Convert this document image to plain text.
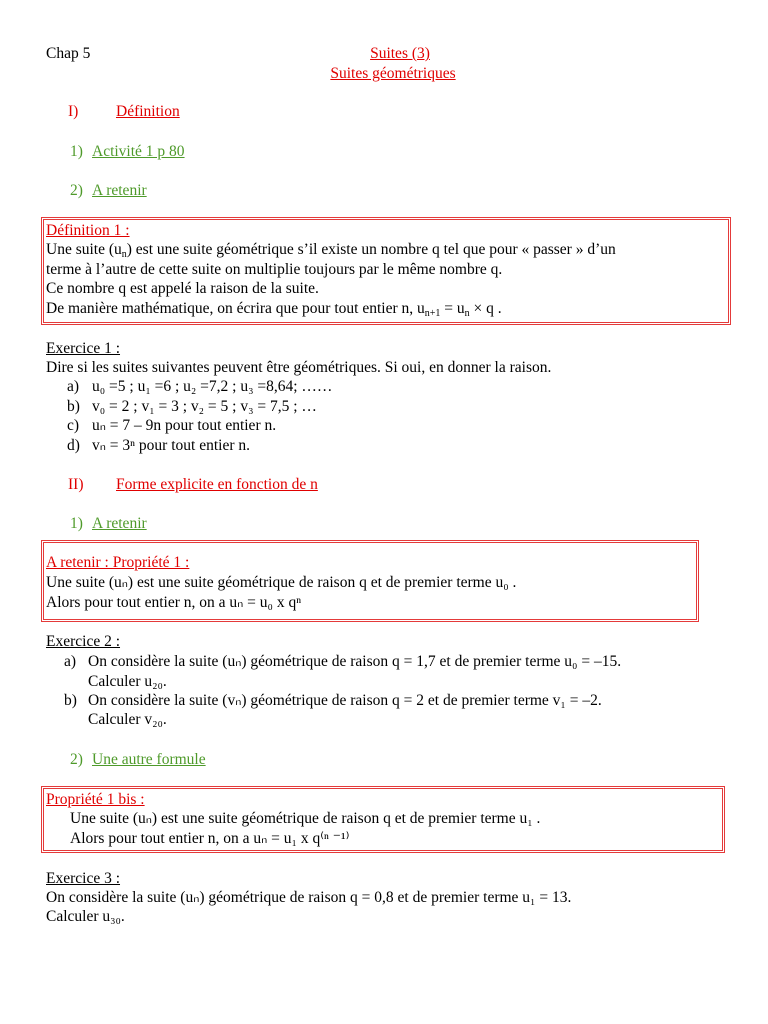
Chap 5	Suites (3)
Suites géométriques
I) Définition
1) Activité 1 p 80
2) A retenir
Définition 1 :
Une suite $(u_n)$ est une suite géométrique s’il existe un nombre q tel que pour « passer » d’un
terme à l’autre de cette suite on multiplie toujours par le même nombre q.
Ce nombre q est appelé la raison de la suite.
De manière mathématique, on écrira que pour tout entier n, $u_{n+1} = u_n \times q$ .
Exercice 1 :
Dire si les suites suivantes peuvent être géométriques. Si oui, en donner la raison.
a) u₀ =5 ; u₁ =6 ; u₂ =7,2 ; u₃ =8,64; ……
b) v₀ = 2 ; v₁ = 3 ; v₂ = 5 ; v₃ = 7,5 ; …
c) uₙ = 7 – 9n pour tout entier n.
d) vₙ = 3ⁿ pour tout entier n.
II) Forme explicite en fonction de n
1) A retenir
A retenir : Propriété 1 :
Une suite (uₙ) est une suite géométrique de raison q et de premier terme u₀ .
Alors pour tout entier n, on a uₙ = u₀ x qⁿ
Exercice 2 :
a) On considère la suite (uₙ) géométrique de raison q = 1,7 et de premier terme u₀ = –15.
Calculer u₂₀.
b) On considère la suite (vₙ) géométrique de raison q = 2 et de premier terme v₁ = –2.
Calculer v₂₀.
2) Une autre formule
Propriété 1 bis :
Une suite (uₙ) est une suite géométrique de raison q et de premier terme u₁ .
Alors pour tout entier n, on a uₙ = u₁ x q⁽ⁿ ⁻¹⁾
Exercice 3 :
On considère la suite (uₙ) géométrique de raison q = 0,8 et de premier terme u₁ = 13.
Calculer u₃₀.
